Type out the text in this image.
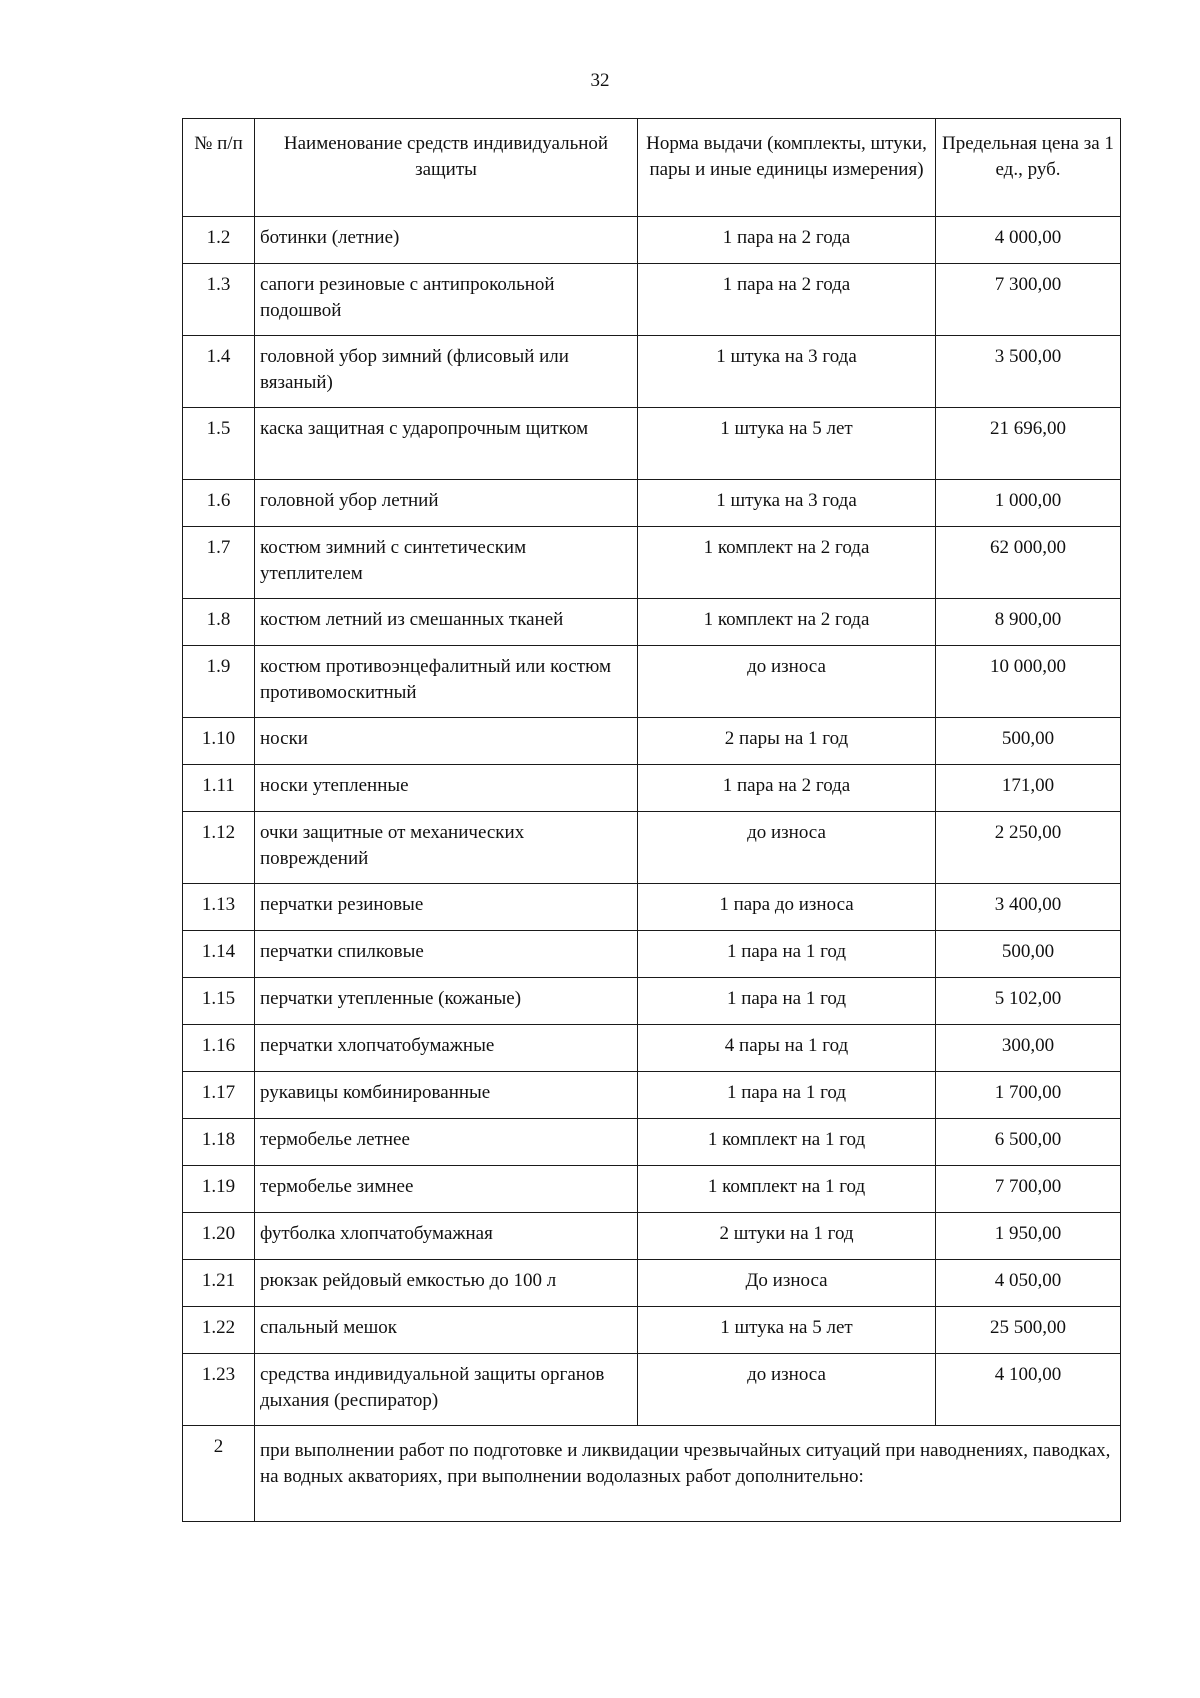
32
№ п/п	Наименование средств индивидуальной защиты	Норма выдачи (комплекты, штуки, пары и иные единицы измерения)	Предельная цена за 1 ед., руб.
1.2	ботинки (летние)	1 пара на 2 года	4 000,00
1.3	сапоги резиновые с антипрокольной подошвой	1 пара на 2 года	7 300,00
1.4	головной убор зимний (флисовый или вязаный)	1 штука на 3 года	3 500,00
1.5	каска защитная с ударопрочным щитком	1 штука на 5 лет	21 696,00
1.6	головной убор летний	1 штука на 3 года	1 000,00
1.7	костюм зимний с синтетическим утеплителем	1 комплект на 2 года	62 000,00
1.8	костюм летний из смешанных тканей	1 комплект на 2 года	8 900,00
1.9	костюм противоэнцефалитный или костюм противомоскитный	до износа	10 000,00
1.10	носки	2 пары на 1 год	500,00
1.11	носки утепленные	1 пара на 2 года	171,00
1.12	очки защитные от механических повреждений	до износа	2 250,00
1.13	перчатки резиновые	1 пара до износа	3 400,00
1.14	перчатки спилковые	1 пара на 1 год	500,00
1.15	перчатки утепленные (кожаные)	1 пара на 1 год	5 102,00
1.16	перчатки хлопчатобумажные	4 пары на 1 год	300,00
1.17	рукавицы комбинированные	1 пара на 1 год	1 700,00
1.18	термобелье летнее	1 комплект на 1 год	6 500,00
1.19	термобелье зимнее	1 комплект на 1 год	7 700,00
1.20	футболка хлопчатобумажная	2 штуки на 1 год	1 950,00
1.21	рюкзак рейдовый емкостью до 100 л	До износа	4 050,00
1.22	спальный мешок	1 штука на 5 лет	25 500,00
1.23	средства индивидуальной защиты органов дыхания (респиратор)	до износа	4 100,00
2	при выполнении работ по подготовке и ликвидации чрезвычайных ситуаций при наводнениях, паводках, на водных акваториях, при выполнении водолазных работ дополнительно:		
